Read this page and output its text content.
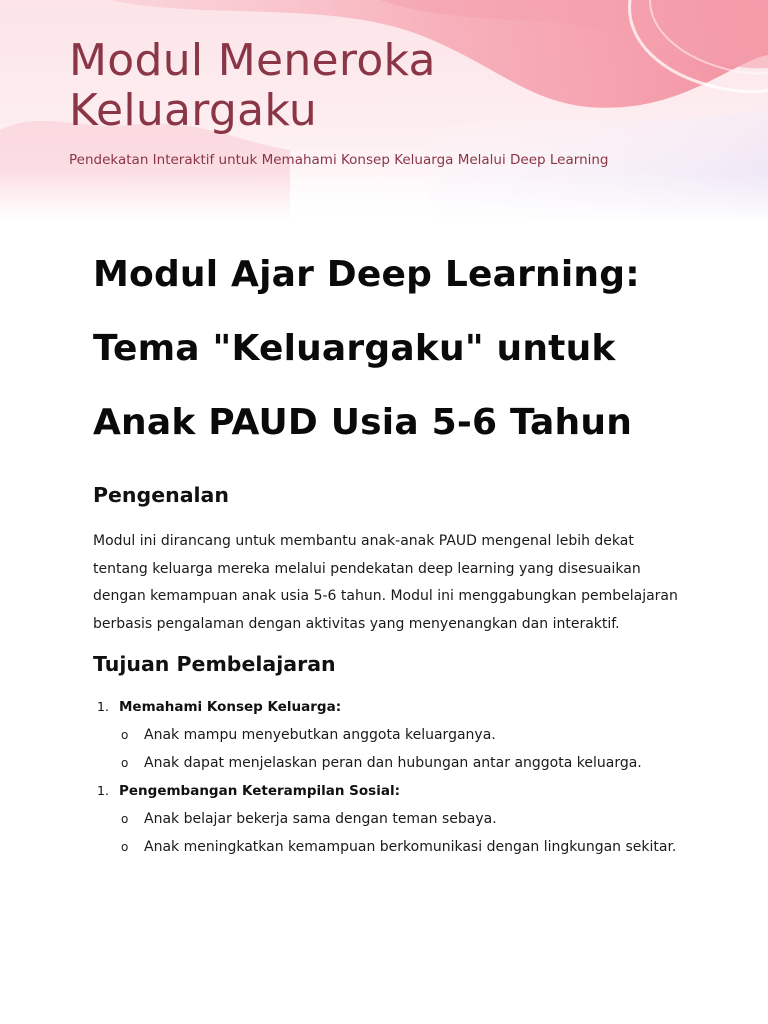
Modul Meneroka Keluargaku

Pendekatan Interaktif untuk Memahami Konsep Keluarga Melalui Deep Learning

Modul Ajar Deep Learning: Tema "Keluargaku" untuk Anak PAUD Usia 5-6 Tahun
Pengenalan

Modul ini dirancang untuk membantu anak-anak PAUD mengenal lebih dekat tentang keluarga mereka melalui pendekatan deep learning yang disesuaikan dengan kemampuan anak usia 5-6 tahun. Modul ini menggabungkan pembelajaran berbasis pengalaman dengan aktivitas yang menyenangkan dan interaktif.

Tujuan Pembelajaran
1. Memahami Konsep Keluarga:
o Anak mampu menyebutkan anggota keluarganya.
o Anak dapat menjelaskan peran dan hubungan antar anggota keluarga.
1. Pengembangan Keterampilan Sosial:
o Anak belajar bekerja sama dengan teman sebaya.
o Anak meningkatkan kemampuan berkomunikasi dengan lingkungan sekitar.
